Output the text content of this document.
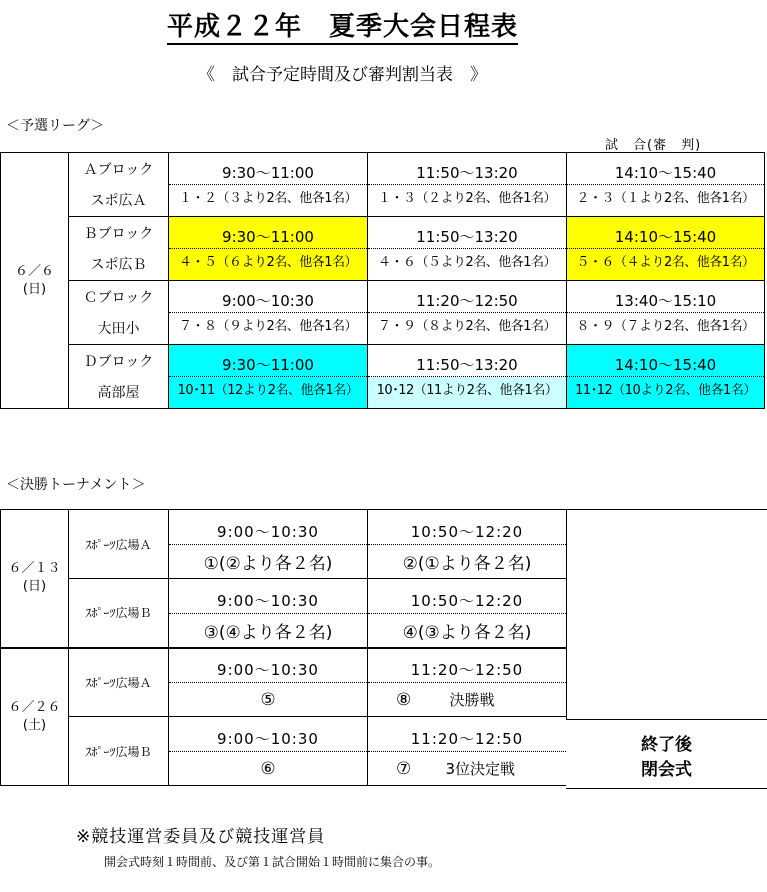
平成２２年　夏季大会日程表
《　試合予定時間及び審判割当表　》
＜予選リーグ＞
試　合(審　判)
６／６
(日)	Ａブロック	9:30〜11:00	11:50〜13:20	14:10〜15:40
	スポ広Ａ	１・２（３より2名、他各1名）	１・３（２より2名、他各1名）	２・３（１より2名、他各1名）
	Ｂブロック	9:30〜11:00	11:50〜13:20	14:10〜15:40
	スポ広Ｂ	４・５（６より2名、他各1名）	４・６（５より2名、他各1名）	５・６（４より2名、他各1名）
	Ｃブロック	9:00〜10:30	11:20〜12:50	13:40〜15:10
	大田小	７・８（９より2名、他各1名）	７・９（８より2名、他各1名）	８・９（７より2名、他各1名）
	Ｄブロック	9:30〜11:00	11:50〜13:20	14:10〜15:40
	高部屋	10･11（12より2名、他各1名）	10･12（11より2名、他各1名）	11･12（10より2名、他各1名）
＜決勝トーナメント＞
６／１３
(日)	ｽﾎﾟｰﾂ広場Ａ	9:00〜10:30	10:50〜12:20	
		①(②より各２名)	②(①より各２名)	
	ｽﾎﾟｰﾂ広場Ｂ	9:00〜10:30	10:50〜12:20	
		③(④より各２名)	④(③より各２名)	

６／２６
(土)	ｽﾎﾟｰﾂ広場Ａ	9:00〜10:30	11:20〜12:50	
		⑤	⑧ 決勝戦	
	ｽﾎﾟｰﾂ広場Ｂ	9:00〜10:30	11:20〜12:50	
		⑥	⑦ 3位決定戦	
終了後
閉会式
※競技運営委員及び競技運営員
開会式時刻１時間前、及び第１試合開始１時間前に集合の事。
